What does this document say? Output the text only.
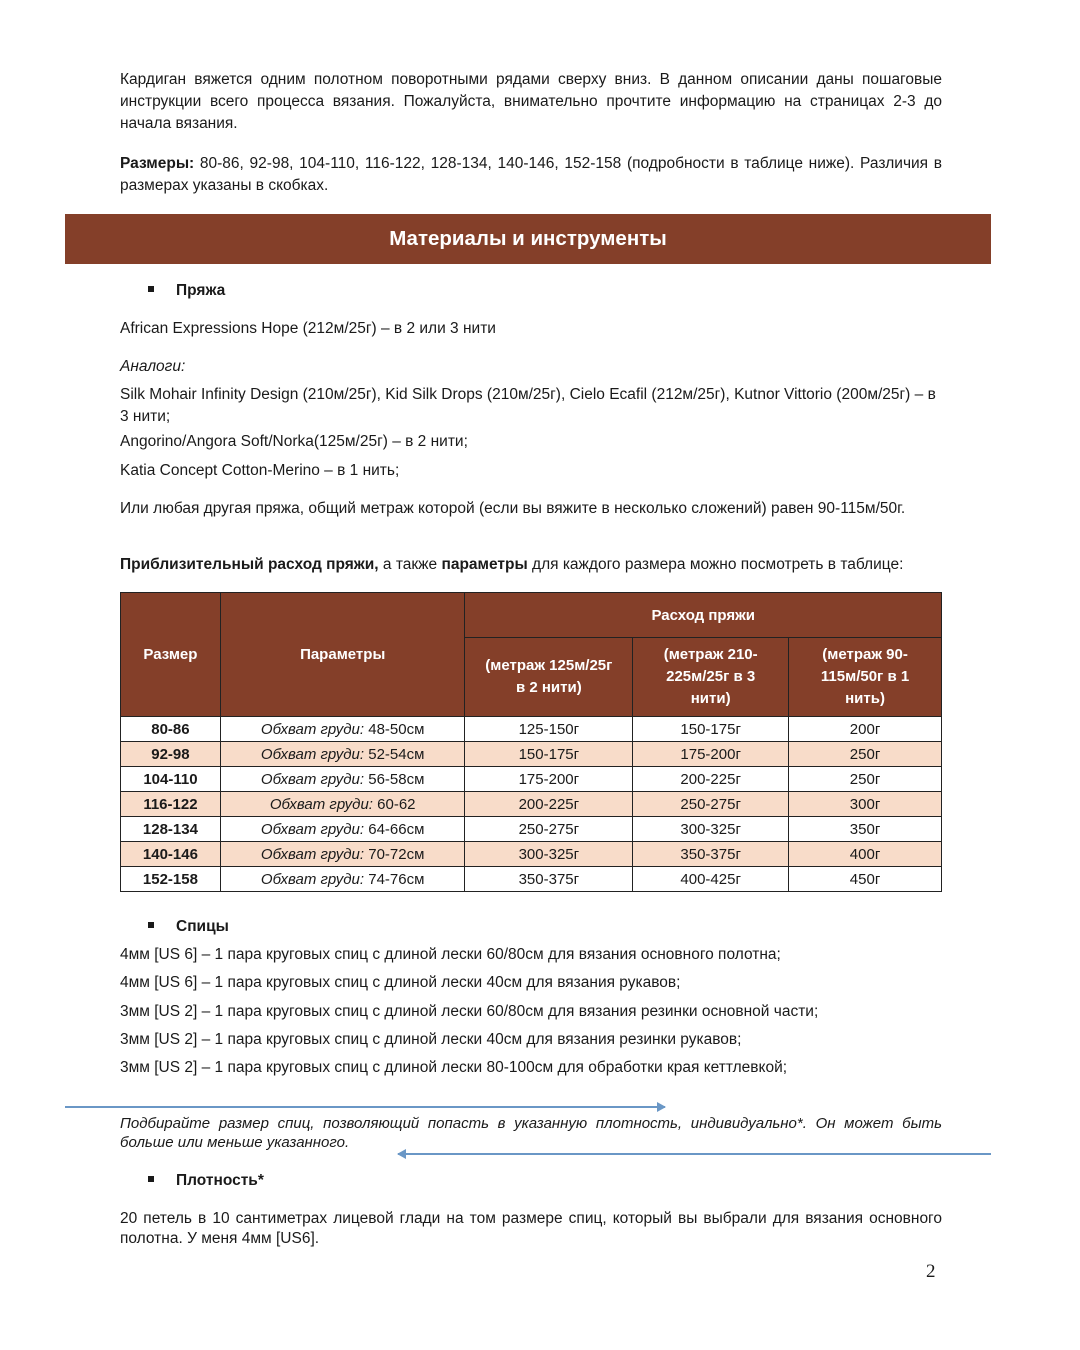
Кардиган вяжется одним полотном поворотными рядами сверху вниз. В данном описании даны пошаговые инструкции всего процесса вязания. Пожалуйста, внимательно прочтите информацию на страницах 2-3 до начала вязания.

Размеры: 80-86, 92-98, 104-110, 116-122, 128-134, 140-146, 152-158 (подробности в таблице ниже). Различия в размерах указаны в скобках.

Материалы и инструменты
Пряжа

African Expressions Hope (212м/25г) – в 2 или 3 нити

Аналоги:

Silk Mohair Infinity Design (210м/25г), Kid Silk Drops (210м/25г), Cielo Ecafil (212м/25г), Kutnor Vittorio (200м/25г) – в 3 нити;

Angorino/Angora Soft/Norka(125м/25г) – в 2 нити;

Katia Concept Cotton-Merino – в 1 нить;

Или любая другая пряжа, общий метраж которой (если вы вяжите в несколько сложений) равен 90-115м/50г.

Приблизительный расход пряжи, а также параметры для каждого размера можно посмотреть в таблице:

Размер	Параметры	Расход пряжи		
		(метраж 125м/25г в 2 нити)	(метраж 210-225м/25г в 3 нити)	(метраж 90-115м/50г в 1 нить)
80-86	Обхват груди: 48-50см	125-150г	150-175г	200г
92-98	Обхват груди: 52-54см	150-175г	175-200г	250г
104-110	Обхват груди: 56-58см	175-200г	200-225г	250г
116-122	Обхват груди: 60-62	200-225г	250-275г	300г
128-134	Обхват груди: 64-66см	250-275г	300-325г	350г
140-146	Обхват груди: 70-72см	300-325г	350-375г	400г
152-158	Обхват груди: 74-76см	350-375г	400-425г	450г
Спицы

4мм [US 6] – 1 пара круговых спиц с длиной лески 60/80см для вязания основного полотна;

4мм [US 6] – 1 пара круговых спиц с длиной лески 40см для вязания рукавов;

3мм [US 2] – 1 пара круговых спиц с длиной лески 60/80см для вязания резинки основной части;

3мм [US 2] – 1 пара круговых спиц с длиной лески 40см для вязания резинки рукавов;

3мм [US 2] – 1 пара круговых спиц с длиной лески 80-100см для обработки края кеттлевкой;

Подбирайте размер спиц, позволяющий попасть в указанную плотность, индивидуально*. Он может быть больше или меньше указанного.

Плотность*

20 петель в 10 сантиметрах лицевой глади на том размере спиц, который вы выбрали для вязания основного полотна. У меня 4мм [US6].

2
